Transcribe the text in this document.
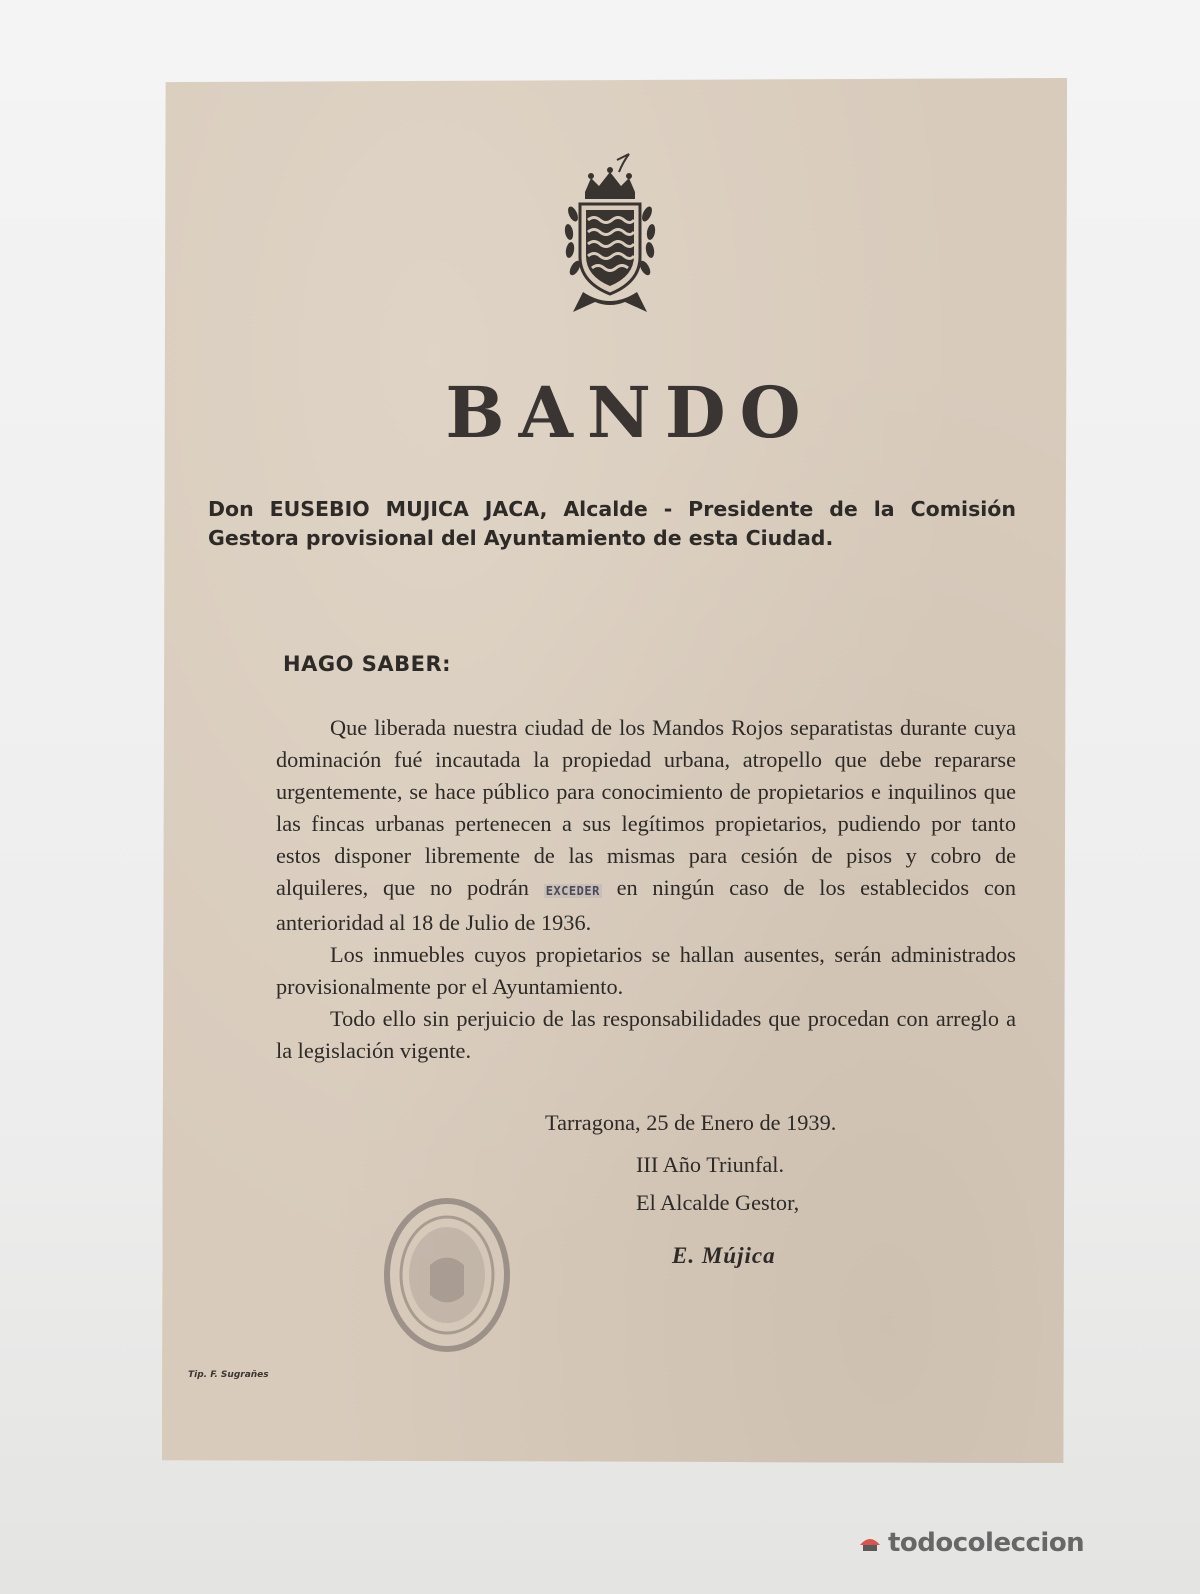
BANDO

Don EUSEBIO MUJICA JACA, Alcalde - Presidente de la Comisión Gestora provisional del Ayuntamiento de esta Ciudad.

HAGO SABER:

Que liberada nuestra ciudad de los Mandos Rojos separatistas durante cuya dominación fué incautada la propiedad urbana, atropello que debe repararse urgentemente, se hace público para conocimiento de propietarios e inquilinos que las fincas urbanas pertenecen a sus legítimos propietarios, pudiendo por tanto estos disponer libremente de las mismas para cesión de pisos y cobro de alquileres, que no podrán EXCEDER en ningún caso de los establecidos con anterioridad al 18 de Julio de 1936.

Los inmuebles cuyos propietarios se hallan ausentes, serán administrados provisionalmente por el Ayuntamiento.

Todo ello sin perjuicio de las responsabilidades que procedan con arreglo a la legislación vigente.

Tarragona, 25 de Enero de 1939.

III Año Triunfal.

El Alcalde Gestor,

E. Mújica

Tip. F. Sugrañes

todocoleccion
